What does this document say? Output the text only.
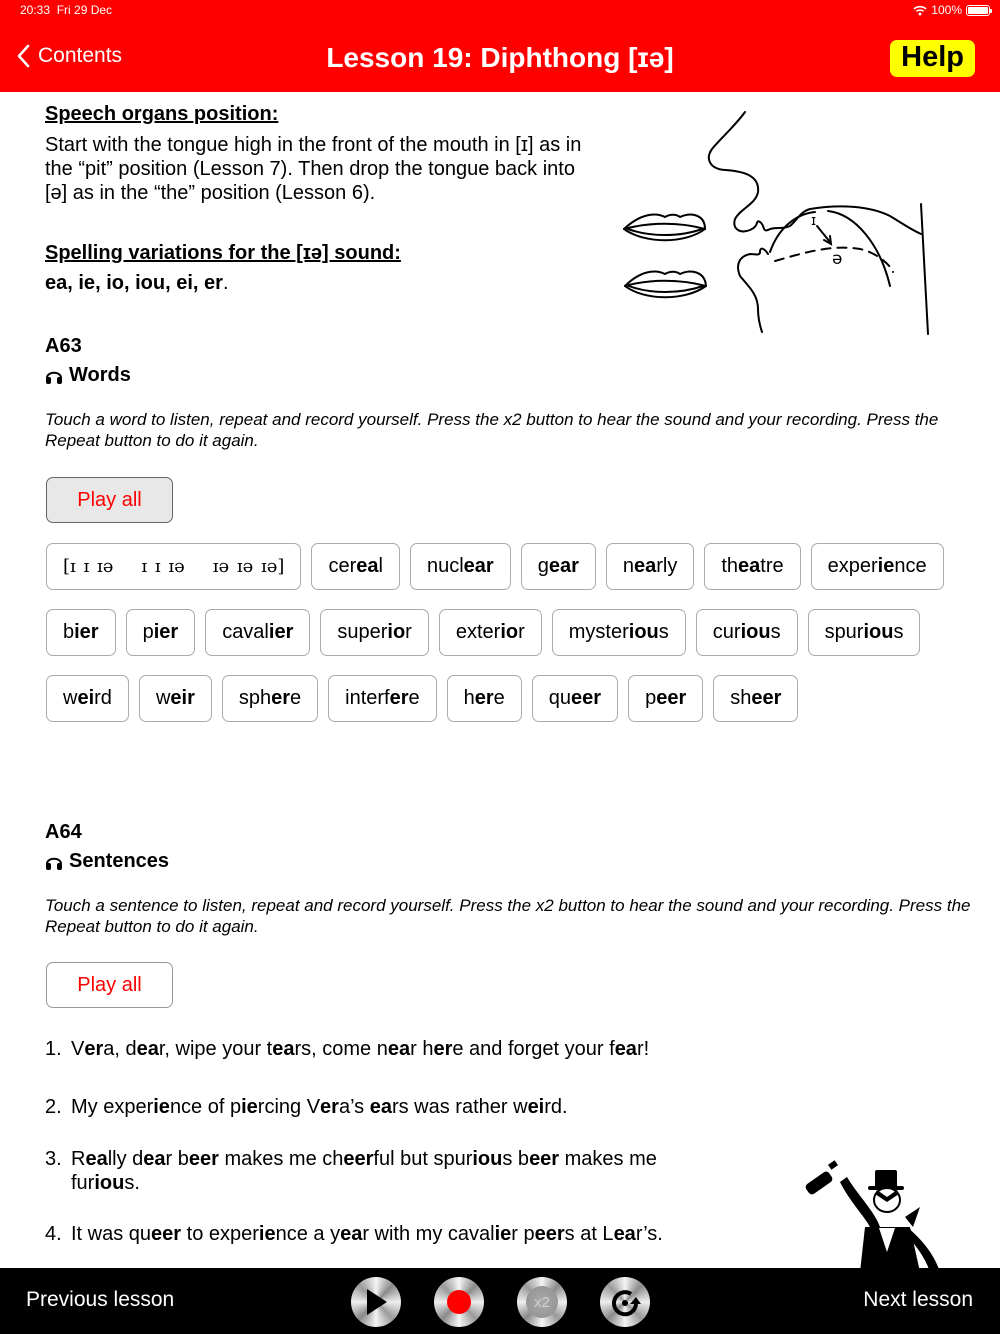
20:33 Fri 29 Dec	100%
Contents	Lesson 19: Diphthong [ɪə]	Help
Speech organs position:
Start with the tongue high in the front of the mouth in [ɪ] as in the “pit” position (Lesson 7). Then drop the tongue back into [ə] as in the “the” position (Lesson 6).
Spelling variations for the [ɪə] sound:
ea, ie, io, iou, ei, er.
ɪ
ə
A63
Words
Touch a word to listen, repeat and record yourself. Press the x2 button to hear the sound and your recording. Press the Repeat button to do it again.
Play all
[ɪ ɪ ɪə ɪ ɪ ɪə ɪə ɪə ɪə] cer ea l nucl ear g ear n ea rly th ea tre exper ie nce
b ier p ier caval ier super io r exter io r myster iou s cur iou s spur iou s
w ei rd w eir sph er e interf er e h er e qu eer p eer sh eer
A64
Sentences
Touch a sentence to listen, repeat and record yourself. Press the x2 button to hear the sound and your recording. Press the Repeat button to do it again.
Play all
1. Vera, dear, wipe your tears, come near here and forget your fear!
2. My experience of piercing Vera’s ears was rather weird.
3. Really dear beer makes me cheerful but spurious beer makes me furious.
4. It was queer to experience a year with my cavalier peers at Lear’s.
Previous lesson	x2	Next lesson
